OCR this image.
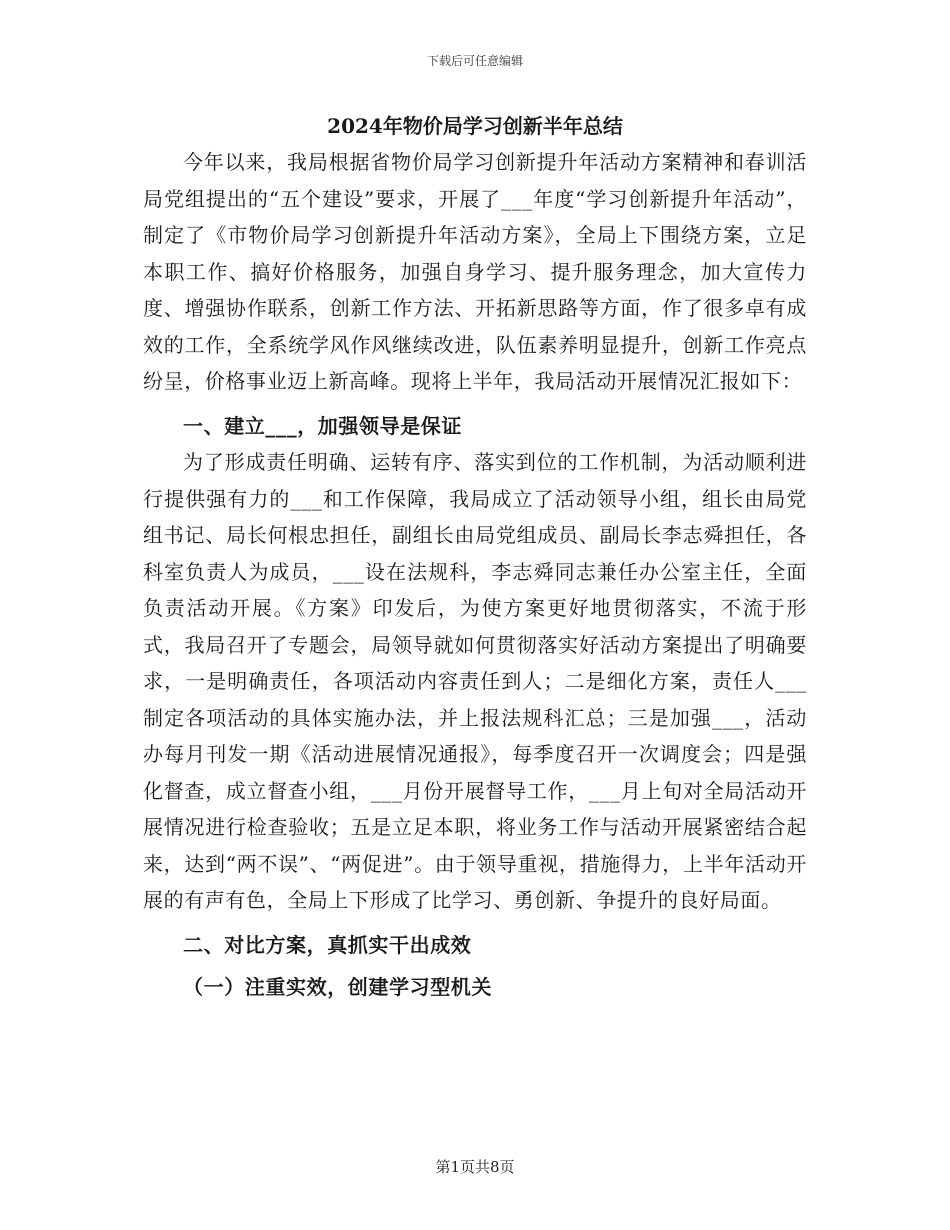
下载后可任意编辑
2024年物价局学习创新半年总结

今年以来，我局根据省物价局学习创新提升年活动方案精神和春训活局党组提出的“五个建设”要求，开展了___年度“学习创新提升年活动”，制定了《市物价局学习创新提升年活动方案》，全局上下围绕方案，立足本职工作、搞好价格服务，加强自身学习、提升服务理念，加大宣传力度、增强协作联系，创新工作方法、开拓新思路等方面，作了很多卓有成效的工作，全系统学风作风继续改进，队伍素养明显提升，创新工作亮点纷呈，价格事业迈上新高峰。现将上半年，我局活动开展情况汇报如下：

一、建立___，加强领导是保证

为了形成责任明确、运转有序、落实到位的工作机制，为活动顺利进行提供强有力的___和工作保障，我局成立了活动领导小组，组长由局党组书记、局长何根忠担任，副组长由局党组成员、副局长李志舜担任，各科室负责人为成员，___设在法规科，李志舜同志兼任办公室主任，全面负责活动开展。《方案》印发后，为使方案更好地贯彻落实，不流于形式，我局召开了专题会，局领导就如何贯彻落实好活动方案提出了明确要求，一是明确责任，各项活动内容责任到人；二是细化方案，责任人___制定各项活动的具体实施办法，并上报法规科汇总；三是加强___，活动办每月刊发一期《活动进展情况通报》，每季度召开一次调度会；四是强化督查，成立督查小组，___月份开展督导工作，___月上旬对全局活动开展情况进行检查验收；五是立足本职，将业务工作与活动开展紧密结合起来，达到“两不误”、“两促进”。由于领导重视，措施得力，上半年活动开展的有声有色，全局上下形成了比学习、勇创新、争提升的良好局面。

二、对比方案，真抓实干出成效

（一）注重实效，创建学习型机关

第1页共8页
